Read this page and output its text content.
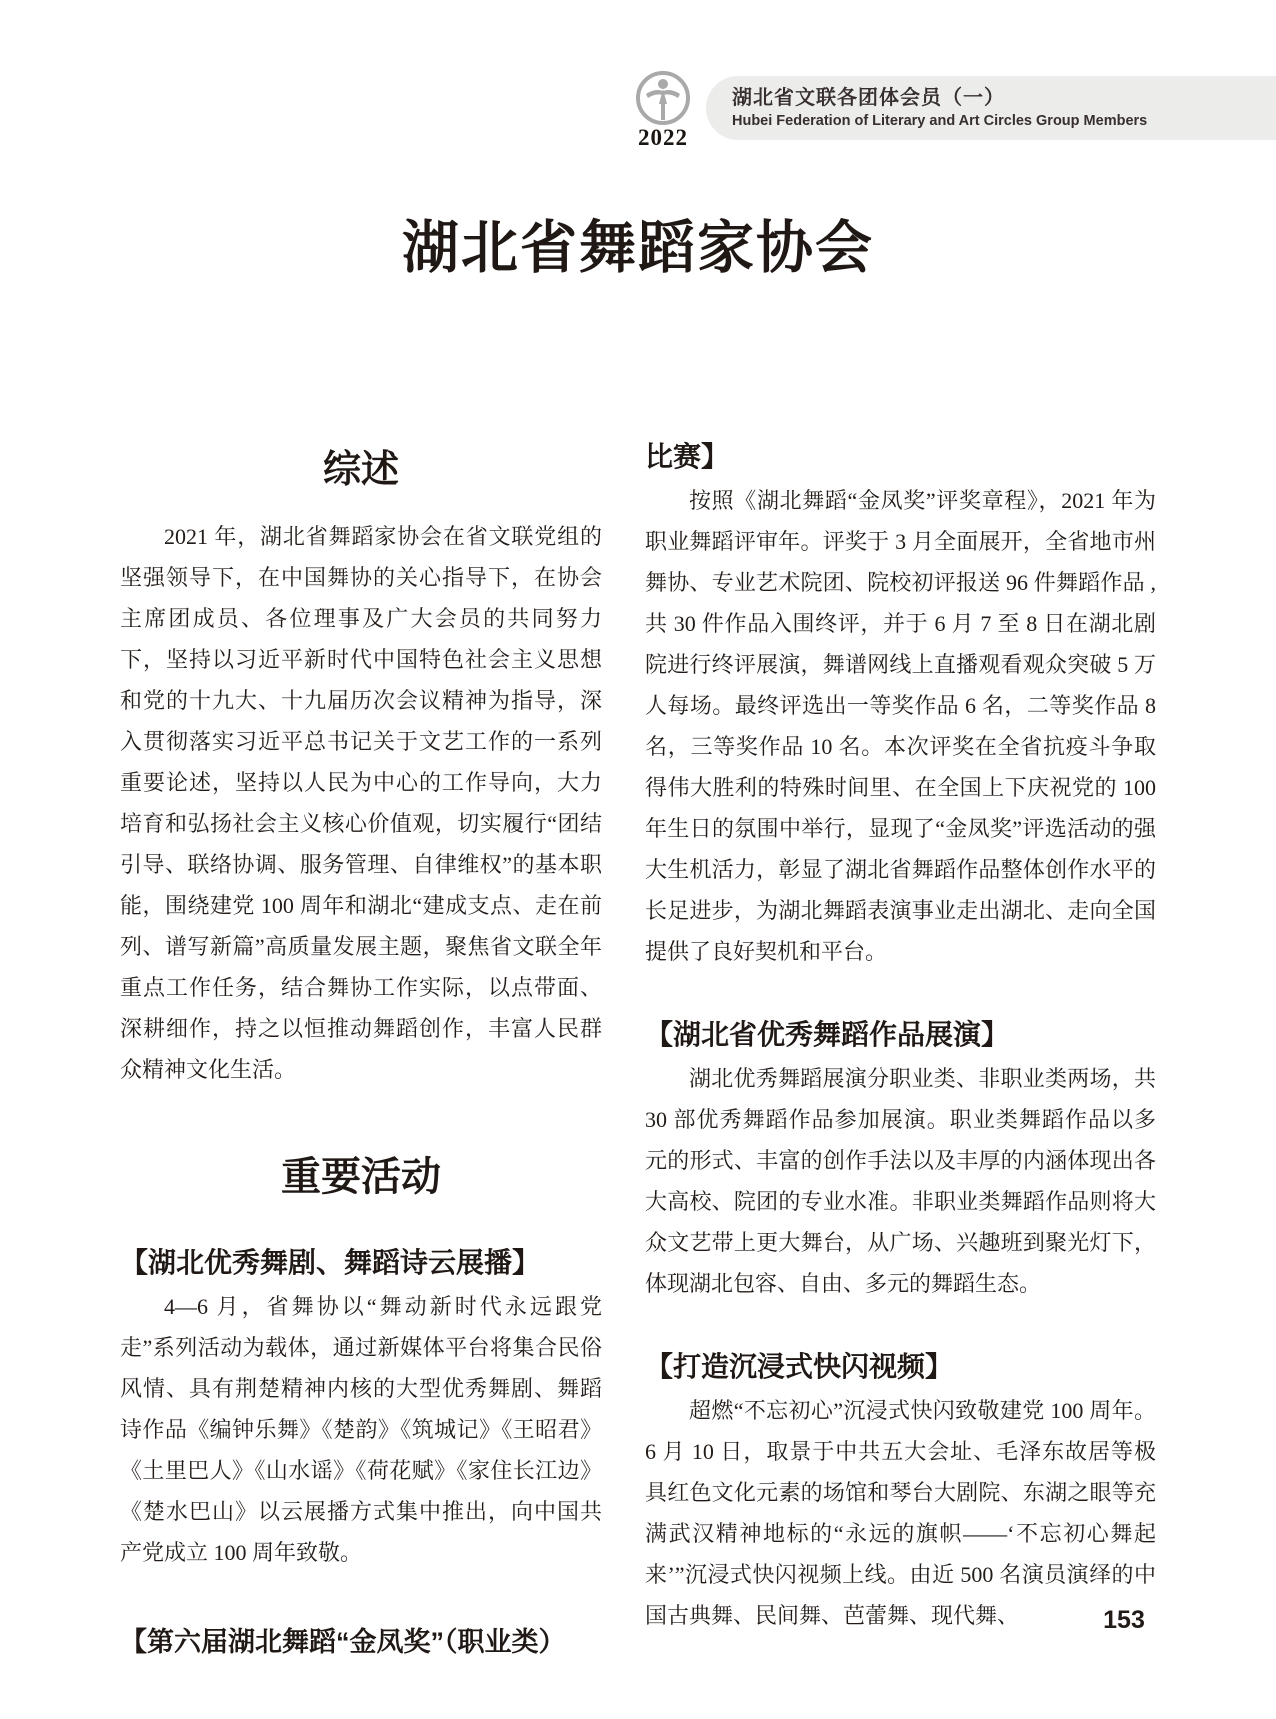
2022
湖北省文联各团体会员（一）
Hubei Federation of Literary and Art Circles Group Members
湖北省舞蹈家协会
综述

2021 年，湖北省舞蹈家协会在省文联党组的坚强领导下，在中国舞协的关心指导下，在协会主席团成员、各位理事及广大会员的共同努力下，坚持以习近平新时代中国特色社会主义思想和党的十九大、十九届历次会议精神为指导，深入贯彻落实习近平总书记关于文艺工作的一系列重要论述，坚持以人民为中心的工作导向，大力培育和弘扬社会主义核心价值观，切实履行“团结引导、联络协调、服务管理、自律维权”的基本职能，围绕建党 100 周年和湖北“建成支点、走在前列、谱写新篇”高质量发展主题，聚焦省文联全年重点工作任务，结合舞协工作实际，以点带面、深耕细作，持之以恒推动舞蹈创作，丰富人民群众精神文化生活。

重要活动
【湖北优秀舞剧、舞蹈诗云展播】

4—6 月，省舞协以“舞动新时代永远跟党走”系列活动为载体，通过新媒体平台将集合民俗风情、具有荆楚精神内核的大型优秀舞剧、舞蹈诗作品《编钟乐舞》《楚韵》《筑城记》《王昭君》《土里巴人》《山水谣》《荷花赋》《家住长江边》《楚水巴山》以云展播方式集中推出，向中国共产党成立 100 周年致敬。

【第六届湖北舞蹈“金凤奖”（职业类）
比赛】

按照《湖北舞蹈“金凤奖”评奖章程》，2021 年为职业舞蹈评审年。评奖于 3 月全面展开，全省地市州舞协、专业艺术院团、院校初评报送 96 件舞蹈作品 , 共 30 件作品入围终评，并于 6 月 7 至 8 日在湖北剧院进行终评展演，舞谱网线上直播观看观众突破 5 万人每场。最终评选出一等奖作品 6 名，二等奖作品 8 名，三等奖作品 10 名。本次评奖在全省抗疫斗争取得伟大胜利的特殊时间里、在全国上下庆祝党的 100 年生日的氛围中举行，显现了“金凤奖”评选活动的强大生机活力，彰显了湖北省舞蹈作品整体创作水平的长足进步，为湖北舞蹈表演事业走出湖北、走向全国提供了良好契机和平台。

【湖北省优秀舞蹈作品展演】

湖北优秀舞蹈展演分职业类、非职业类两场，共 30 部优秀舞蹈作品参加展演。职业类舞蹈作品以多元的形式、丰富的创作手法以及丰厚的内涵体现出各大高校、院团的专业水准。非职业类舞蹈作品则将大众文艺带上更大舞台，从广场、兴趣班到聚光灯下，体现湖北包容、自由、多元的舞蹈生态。

【打造沉浸式快闪视频】

超燃“不忘初心”沉浸式快闪致敬建党 100 周年。6 月 10 日，取景于中共五大会址、毛泽东故居等极具红色文化元素的场馆和琴台大剧院、东湖之眼等充满武汉精神地标的“永远的旗帜——‘不忘初心舞起来’”沉浸式快闪视频上线。由近 500 名演员演绎的中国古典舞、民间舞、芭蕾舞、现代舞、	153
